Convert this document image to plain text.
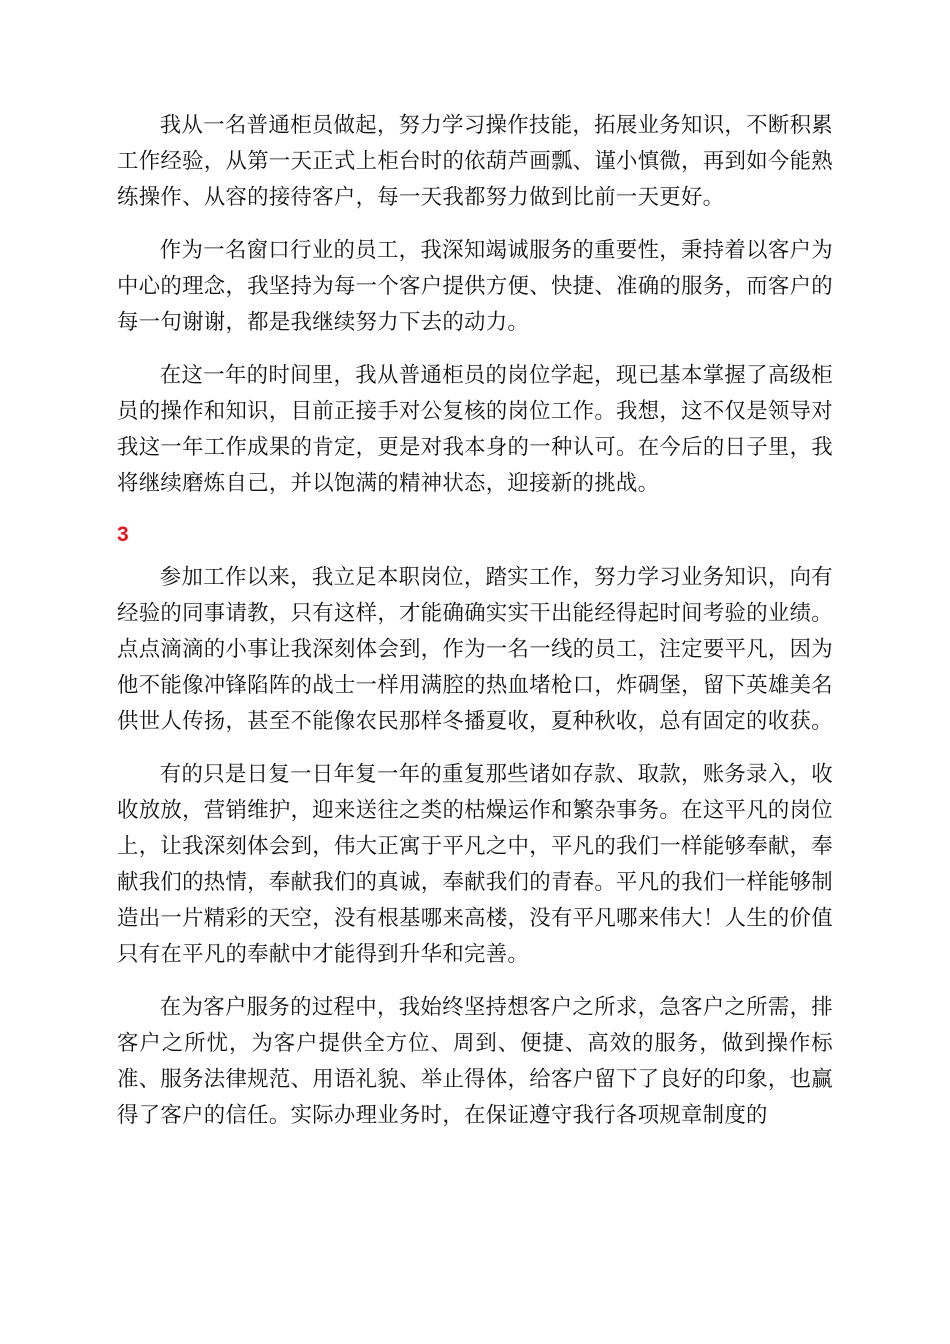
我从一名普通柜员做起，努力学习操作技能，拓展业务知识，不断积累工作经验，从第一天正式上柜台时的依葫芦画瓢、谨小慎微，再到如今能熟练操作、从容的接待客户，每一天我都努力做到比前一天更好。

作为一名窗口行业的员工，我深知竭诚服务的重要性，秉持着以客户为中心的理念，我坚持为每一个客户提供方便、快捷、准确的服务，而客户的每一句谢谢，都是我继续努力下去的动力。

在这一年的时间里，我从普通柜员的岗位学起，现已基本掌握了高级柜员的操作和知识，目前正接手对公复核的岗位工作。我想，这不仅是领导对我这一年工作成果的肯定，更是对我本身的一种认可。在今后的日子里，我将继续磨炼自己，并以饱满的精神状态，迎接新的挑战。

3

参加工作以来，我立足本职岗位，踏实工作，努力学习业务知识，向有经验的同事请教，只有这样，才能确确实实干出能经得起时间考验的业绩。点点滴滴的小事让我深刻体会到，作为一名一线的员工，注定要平凡，因为他不能像冲锋陷阵的战士一样用满腔的热血堵枪口，炸碉堡，留下英雄美名供世人传扬，甚至不能像农民那样冬播夏收，夏种秋收，总有固定的收获。

有的只是日复一日年复一年的重复那些诸如存款、取款，账务录入，收收放放，营销维护，迎来送往之类的枯燥运作和繁杂事务。在这平凡的岗位上，让我深刻体会到，伟大正寓于平凡之中，平凡的我们一样能够奉献，奉献我们的热情，奉献我们的真诚，奉献我们的青春。平凡的我们一样能够制造出一片精彩的天空，没有根基哪来高楼，没有平凡哪来伟大！人生的价值只有在平凡的奉献中才能得到升华和完善。

在为客户服务的过程中，我始终坚持想客户之所求，急客户之所需，排客户之所忧，为客户提供全方位、周到、便捷、高效的服务，做到操作标准、服务法律规范、用语礼貌、举止得体，给客户留下了良好的印象，也赢得了客户的信任。实际办理业务时，在保证遵守我行各项规章制度的
